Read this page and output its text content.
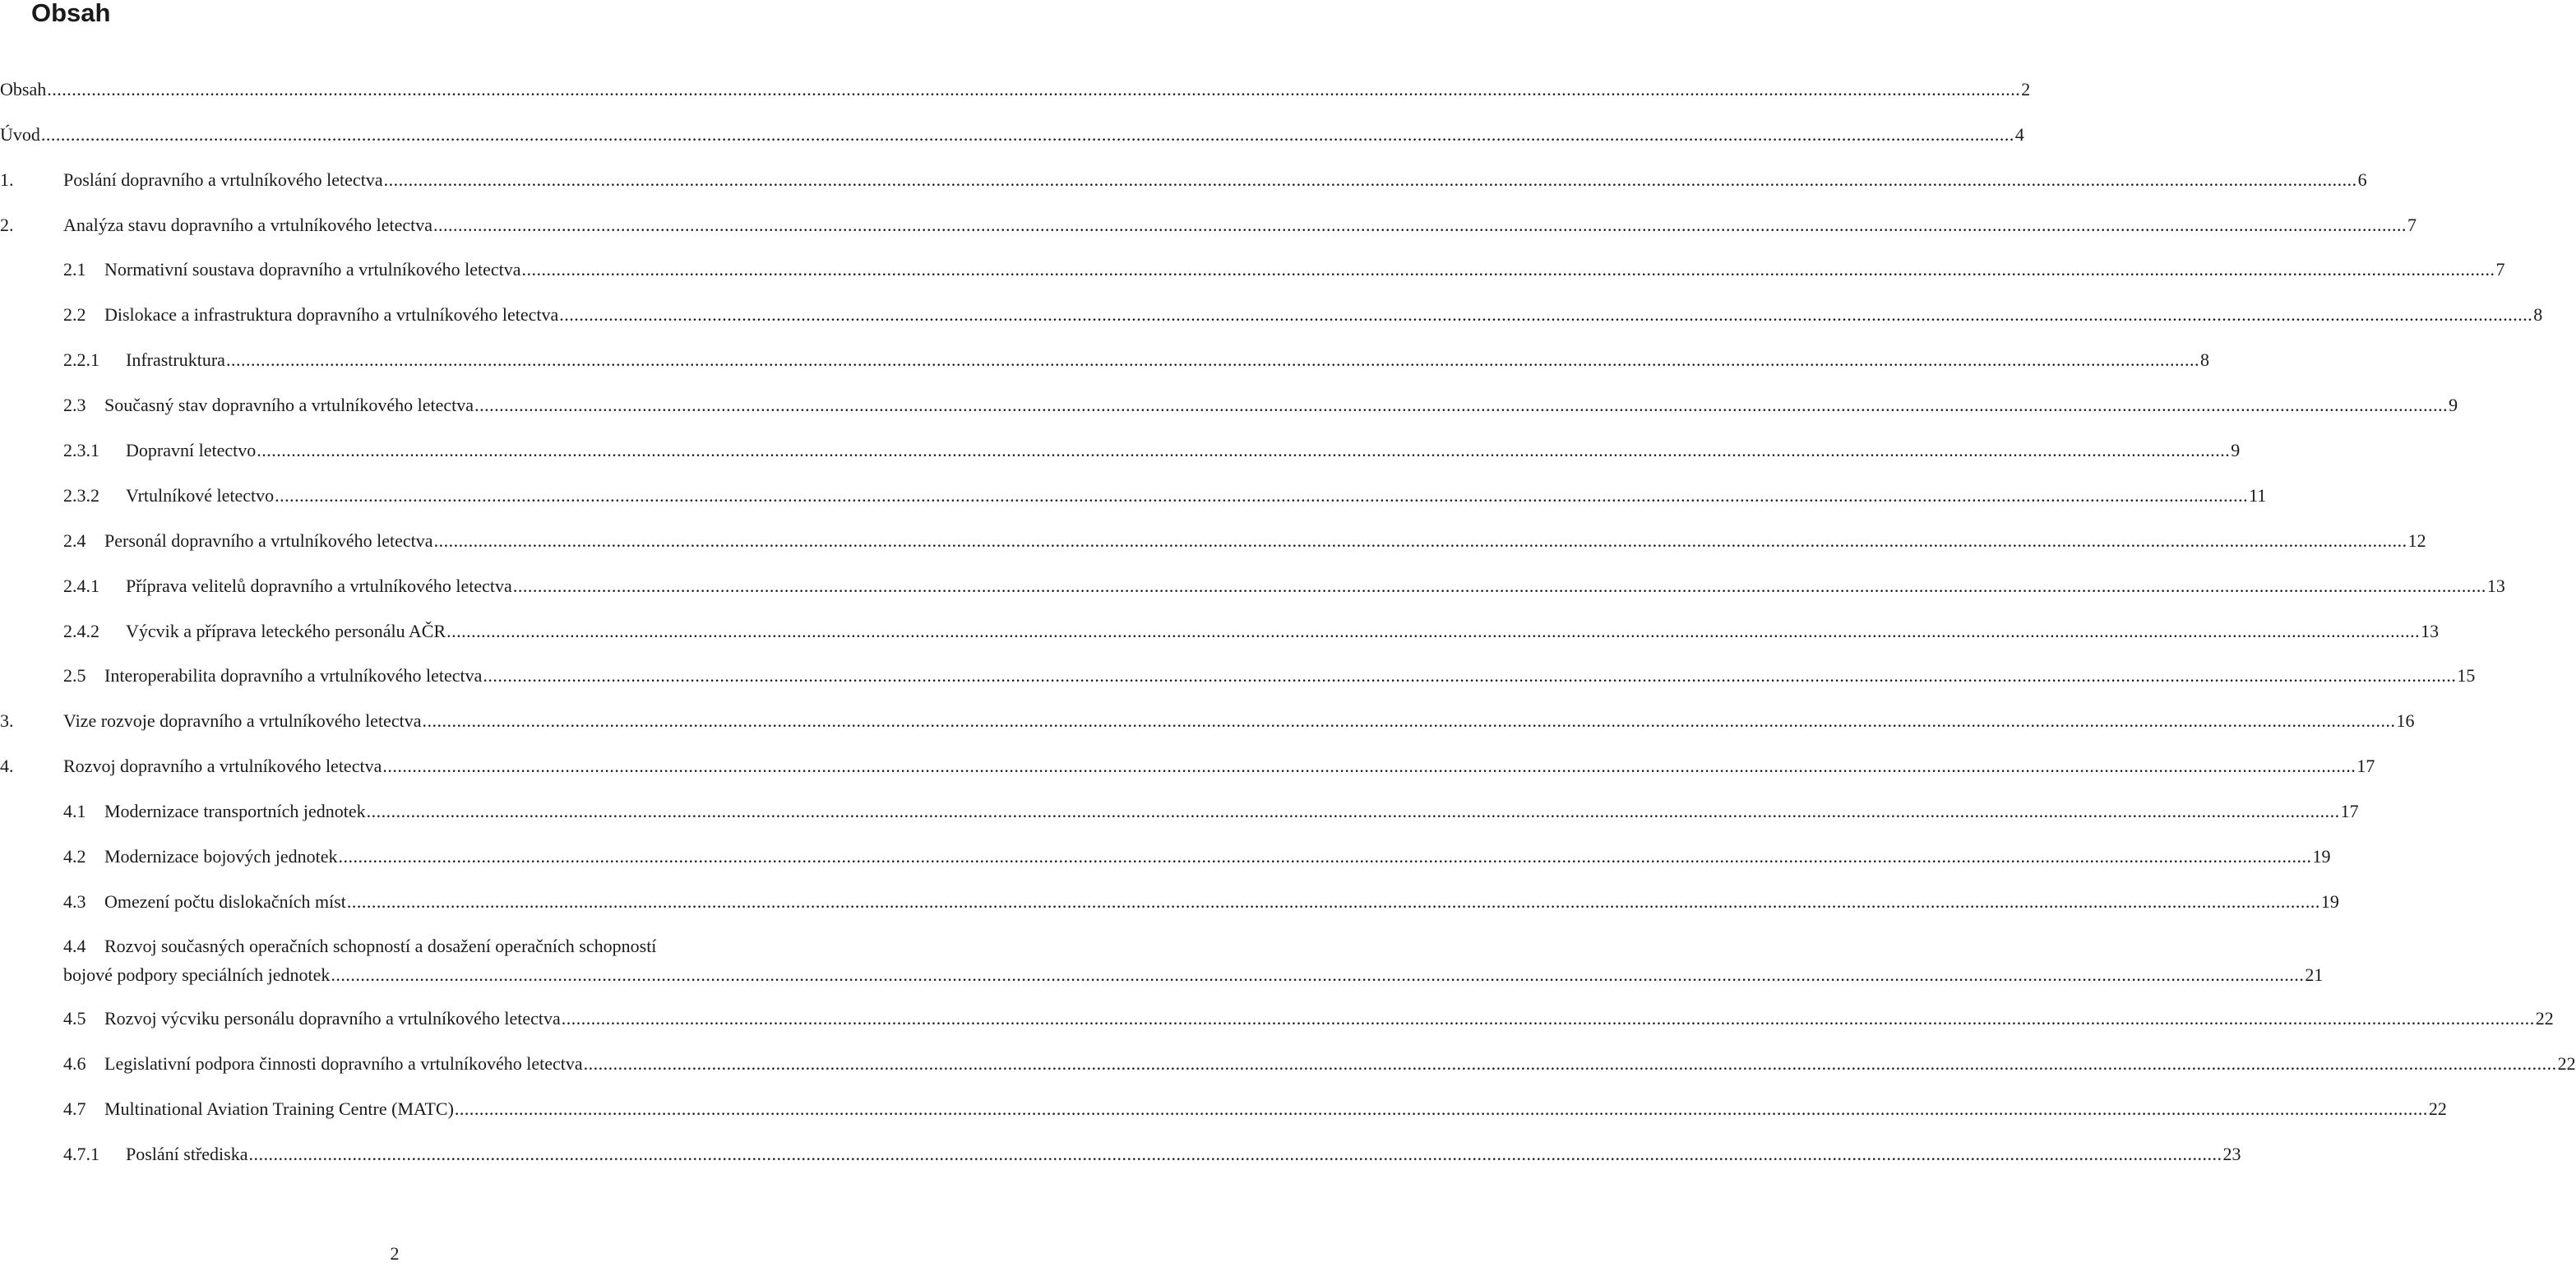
Obsah
Obsah ................................................................................................................................................................................................................................................................................................................................................................................................................ 2
Úvod ................................................................................................................................................................................................................................................................................................................................................................................................................ 4
1.	Poslání dopravního a vrtulníkového letectva ................................................................................................................................................................................................................................................................................................................................................................................................................ 6
2.	Analýza stavu dopravního a vrtulníkového letectva ................................................................................................................................................................................................................................................................................................................................................................................................................ 7
2.1 Normativní soustava dopravního a vrtulníkového letectva ................................................................................................................................................................................................................................................................................................................................................................................................................ 7
2.2 Dislokace a infrastruktura dopravního a vrtulníkového letectva ................................................................................................................................................................................................................................................................................................................................................................................................................ 8
2.2.1 Infrastruktura ................................................................................................................................................................................................................................................................................................................................................................................................................ 8
2.3 Současný stav dopravního a vrtulníkového letectva ................................................................................................................................................................................................................................................................................................................................................................................................................ 9
2.3.1 Dopravní letectvo ................................................................................................................................................................................................................................................................................................................................................................................................................ 9
2.3.2 Vrtulníkové letectvo ................................................................................................................................................................................................................................................................................................................................................................................................................ 11
2.4 Personál dopravního a vrtulníkového letectva ................................................................................................................................................................................................................................................................................................................................................................................................................ 12
2.4.1 Příprava velitelů dopravního a vrtulníkového letectva ................................................................................................................................................................................................................................................................................................................................................................................................................ 13
2.4.2 Výcvik a příprava leteckého personálu AČR ................................................................................................................................................................................................................................................................................................................................................................................................................ 13
2.5 Interoperabilita dopravního a vrtulníkového letectva ................................................................................................................................................................................................................................................................................................................................................................................................................ 15
3.	Vize rozvoje dopravního a vrtulníkového letectva ................................................................................................................................................................................................................................................................................................................................................................................................................ 16
4.	Rozvoj dopravního a vrtulníkového letectva ................................................................................................................................................................................................................................................................................................................................................................................................................ 17
4.1 Modernizace transportních jednotek ................................................................................................................................................................................................................................................................................................................................................................................................................ 17
4.2 Modernizace bojových jednotek ................................................................................................................................................................................................................................................................................................................................................................................................................ 19
4.3 Omezení počtu dislokačních míst ................................................................................................................................................................................................................................................................................................................................................................................................................ 19
4.4 Rozvoj současných operačních schopností a dosažení operačních schopností
bojové podpory speciálních jednotek ................................................................................................................................................................................................................................................................................................................................................................................................................ 21
4.5 Rozvoj výcviku personálu dopravního a vrtulníkového letectva ................................................................................................................................................................................................................................................................................................................................................................................................................ 22
4.6 Legislativní podpora činnosti dopravního a vrtulníkového letectva ................................................................................................................................................................................................................................................................................................................................................................................................................ 22
4.7 Multinational Aviation Training Centre (MATC) ................................................................................................................................................................................................................................................................................................................................................................................................................ 22
4.7.1 Poslání střediska ................................................................................................................................................................................................................................................................................................................................................................................................................ 23
2
